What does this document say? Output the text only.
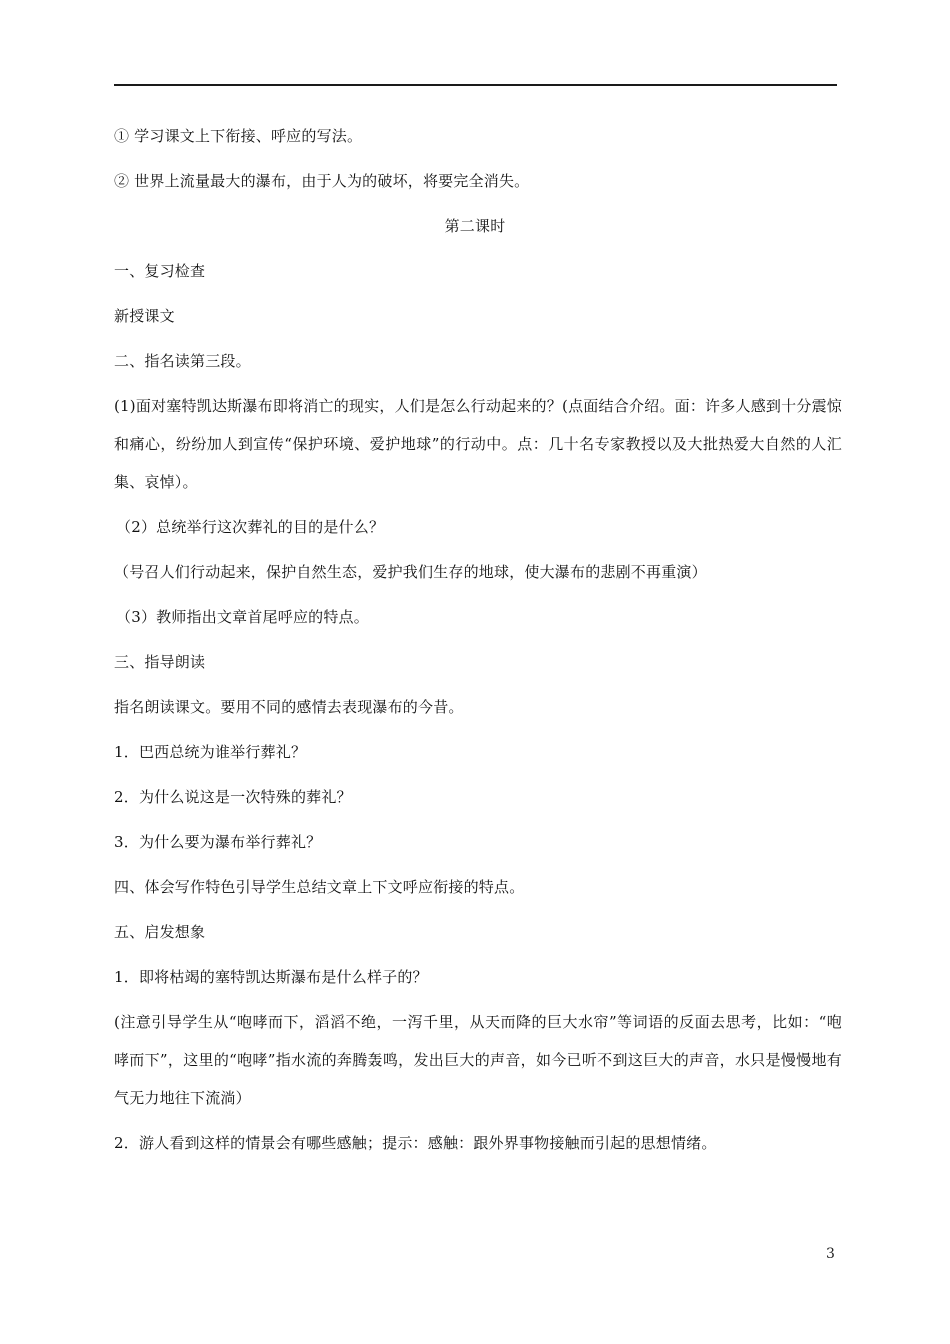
① 学习课文上下衔接、呼应的写法。
② 世界上流量最大的瀑布，由于人为的破坏，将要完全消失。
第二课时
一、复习检查
新授课文
二、指名读第三段。
(1)面对塞特凯达斯瀑布即将消亡的现实，人们是怎么行动起来的？(点面结合介绍。面：许多人感到十分震惊和痛心，纷纷加人到宣传“保护环境、爱护地球”的行动中。点：几十名专家教授以及大批热爱大自然的人汇集、哀悼）。
（2）总统举行这次葬礼的目的是什么？
（号召人们行动起来，保护自然生态，爱护我们生存的地球，使大瀑布的悲剧不再重演）
（3）教师指出文章首尾呼应的特点。
三、指导朗读
指名朗读课文。要用不同的感情去表现瀑布的今昔。
1．巴西总统为谁举行葬礼？
2．为什么说这是一次特殊的葬礼？
3．为什么要为瀑布举行葬礼？
四、体会写作特色引导学生总结文章上下文呼应衔接的特点。
五、启发想象
1．即将枯竭的塞特凯达斯瀑布是什么样子的？
(注意引导学生从“咆哮而下，滔滔不绝，一泻千里，从天而降的巨大水帘”等词语的反面去思考，比如：“咆哮而下”，这里的“咆哮”指水流的奔腾轰鸣，发出巨大的声音，如今已听不到这巨大的声音，水只是慢慢地有气无力地往下流淌）
2．游人看到这样的情景会有哪些感触；提示：感触：跟外界事物接触而引起的思想情绪。
3
